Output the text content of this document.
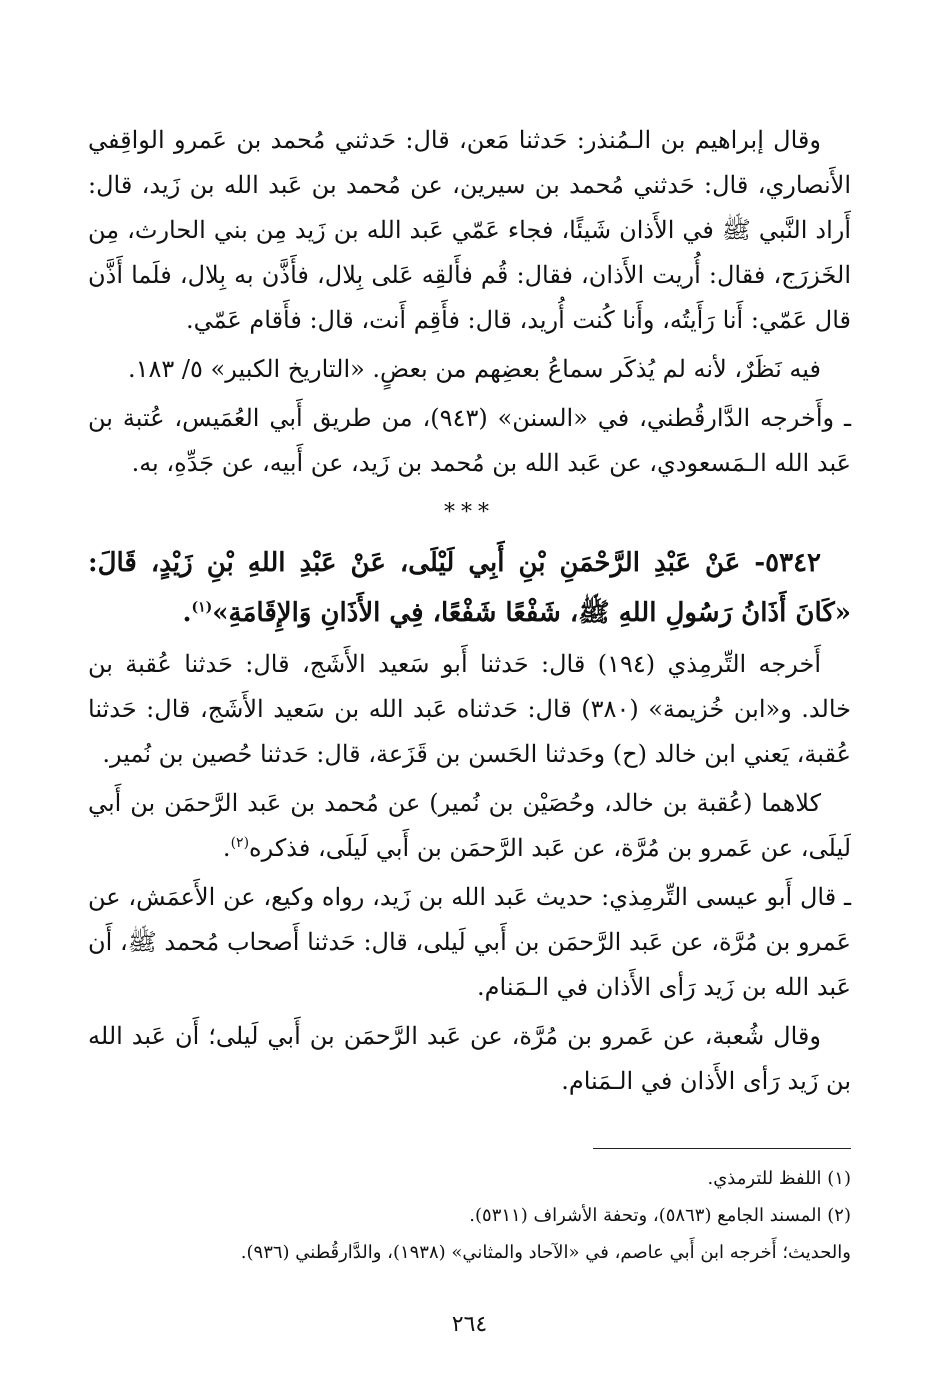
وقال إبراهيم بن الـمُنذر: حَدثنا مَعن، قال: حَدثني مُحمد بن عَمرو الواقِفي الأَنصاري، قال: حَدثني مُحمد بن سيرين، عن مُحمد بن عَبد الله بن زَيد، قال: أَراد النَّبي ﷺ في الأَذان شَيئًا، فجاء عَمّي عَبد الله بن زَيد مِن بني الحارث، مِن الخَزرَج، فقال: أُريت الأَذان، فقال: قُم فأَلقِه عَلى بِلال، فأَذَّن به بِلال، فلَما أَذَّن قال عَمّي: أَنا رَأَيتُه، وأَنا كُنت أُريد، قال: فأَقِم أَنت، قال: فأَقام عَمّي.

فيه نَظَرٌ، لأنه لم يُذكَر سماعُ بعضِهم من بعضٍ. «التاريخ الكبير» ٥/ ١٨٣.

ـ وأَخرجه الدَّارقُطني، في «السنن» (٩٤٣)، من طريق أَبي العُمَيس، عُتبة بن عَبد الله الـمَسعودي، عن عَبد الله بن مُحمد بن زَيد، عن أَبيه، عن جَدِّهِ، به.

***

٥٣٤٢- عَنْ عَبْدِ الرَّحْمَنِ بْنِ أَبِي لَيْلَى، عَنْ عَبْدِ اللهِ بْنِ زَيْدٍ، قَالَ: «كَانَ أَذَانُ رَسُولِ اللهِ ﷺ، شَفْعًا شَفْعًا، فِي الأَذَانِ وَالإِقَامَةِ»$^{(١)}$.

أَخرجه التِّرمِذي (١٩٤) قال: حَدثنا أَبو سَعيد الأَشَج، قال: حَدثنا عُقبة بن خالد. و«ابن خُزيمة» (٣٨٠) قال: حَدثناه عَبد الله بن سَعيد الأَشَج، قال: حَدثنا عُقبة، يَعني ابن خالد (ح) وحَدثنا الحَسن بن قَزَعة، قال: حَدثنا حُصين بن نُمير.

كلاهما (عُقبة بن خالد، وحُصَيْن بن نُمير) عن مُحمد بن عَبد الرَّحمَن بن أَبي لَيلَى، عن عَمرو بن مُرَّة، عن عَبد الرَّحمَن بن أَبي لَيلَى، فذكره$^{(٢)}$.

ـ قال أَبو عيسى التِّرمِذي: حديث عَبد الله بن زَيد، رواه وكيع، عن الأَعمَش، عن عَمرو بن مُرَّة، عن عَبد الرَّحمَن بن أَبي لَيلى، قال: حَدثنا أَصحاب مُحمد ﷺ، أَن عَبد الله بن زَيد رَأى الأَذان في الـمَنام.

وقال شُعبة، عن عَمرو بن مُرَّة، عن عَبد الرَّحمَن بن أَبي لَيلى؛ أَن عَبد الله بن زَيد رَأى الأَذان في الـمَنام.

(١) اللفظ للترمذي.

(٢) المسند الجامع (٥٨٦٣)، وتحفة الأشراف (٥٣١١).

والحديث؛ أَخرجه ابن أَبي عاصم، في «الآحاد والمثاني» (١٩٣٨)، والدَّارقُطني (٩٣٦).

٢٦٤
